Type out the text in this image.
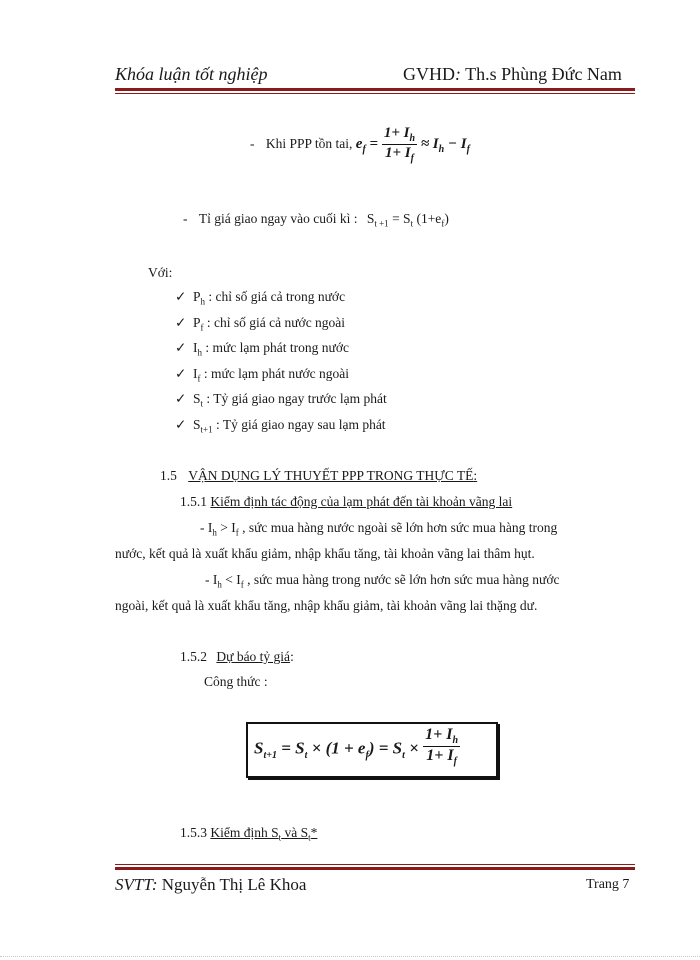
Khóa luận tốt nghiệp	GVHD: Th.s Phùng Đức Nam
- Khi PPP tồn tai, $e_f = \frac{1+ I_h}{1+ I_f} \approx I_h - I_f$
- Tỉ giá giao ngay vào cuối kì : $S_{t +1} = S_t$ $(1+e_f)$
Với:
✓ $P_h$ : chỉ số giá cả trong nước
✓ $P_f$ : chỉ số giá cả nước ngoài
✓ $I_h$ : mức lạm phát trong nước
✓ $I_f$ : mức lạm phát nước ngoài
✓ $S_t$ : Tỷ giá giao ngay trước lạm phát
✓ $S_{t+1}$ : Tỷ giá giao ngay sau lạm phát
1.5 VẬN DỤNG LÝ THUYẾT PPP TRONG THỰC TẾ:
1.5.1 Kiểm định tác động của lạm phát đến tài khoản vãng lai
- $I_h > I_f$ , sức mua hàng nước ngoài sẽ lớn hơn sức mua hàng trong
nước, kết quả là xuất khẩu giảm, nhập khẩu tăng, tài khoản vãng lai thâm hụt.
- $I_h < I_f$ , sức mua hàng trong nước sẽ lớn hơn sức mua hàng nước
ngoài, kết quả là xuất khẩu tăng, nhập khẩu giảm, tài khoản vãng lai thặng dư.
1.5.2 Dự báo tỷ giá:
Công thức :
$S_{t+1} = S_t \times (1 + e_f) = S_t \times \frac{1+ I_h}{1+ I_f}$
1.5.3 Kiểm định $S_t$ và $S_t*$
SVTT: Nguyễn Thị Lê Khoa	Trang 7
